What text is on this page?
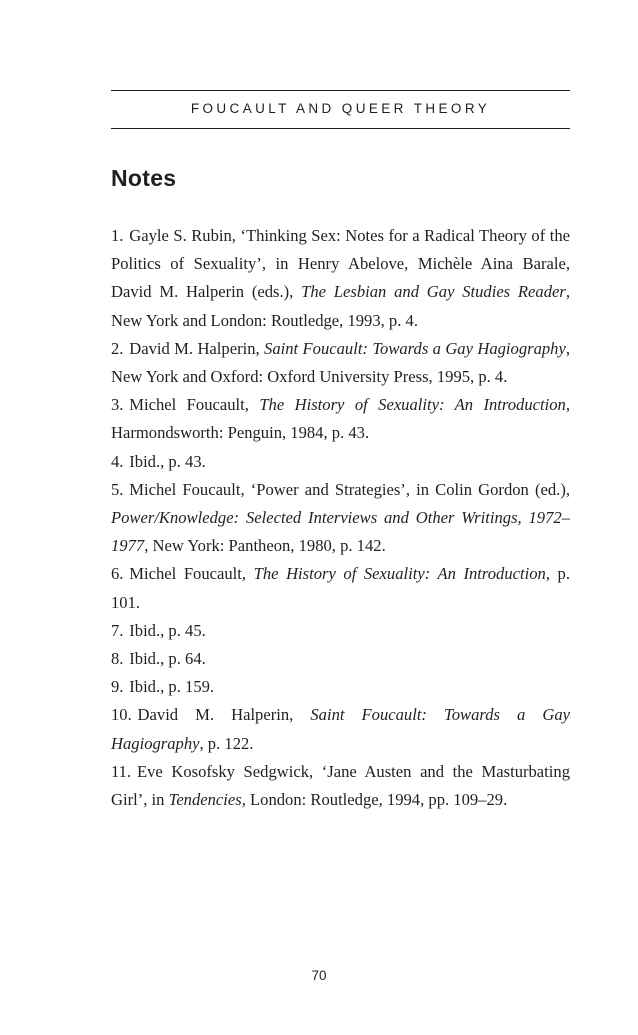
FOUCAULT AND QUEER THEORY
Notes
1. Gayle S. Rubin, ‘Thinking Sex: Notes for a Radical Theory of the Politics of Sexuality’, in Henry Abelove, Michèle Aina Barale, David M. Halperin (eds.), The Lesbian and Gay Studies Reader, New York and London: Routledge, 1993, p. 4.
2. David M. Halperin, Saint Foucault: Towards a Gay Hagiography, New York and Oxford: Oxford University Press, 1995, p. 4.
3. Michel Foucault, The History of Sexuality: An Introduction, Harmondsworth: Penguin, 1984, p. 43.
4. Ibid., p. 43.
5. Michel Foucault, ‘Power and Strategies’, in Colin Gordon (ed.), Power/Knowledge: Selected Interviews and Other Writings, 1972–1977, New York: Pantheon, 1980, p. 142.
6. Michel Foucault, The History of Sexuality: An Introduction, p. 101.
7. Ibid., p. 45.
8. Ibid., p. 64.
9. Ibid., p. 159.
10. David M. Halperin, Saint Foucault: Towards a Gay Hagiography, p. 122.
11. Eve Kosofsky Sedgwick, ‘Jane Austen and the Masturbating Girl’, in Tendencies, London: Routledge, 1994, pp. 109–29.
70
